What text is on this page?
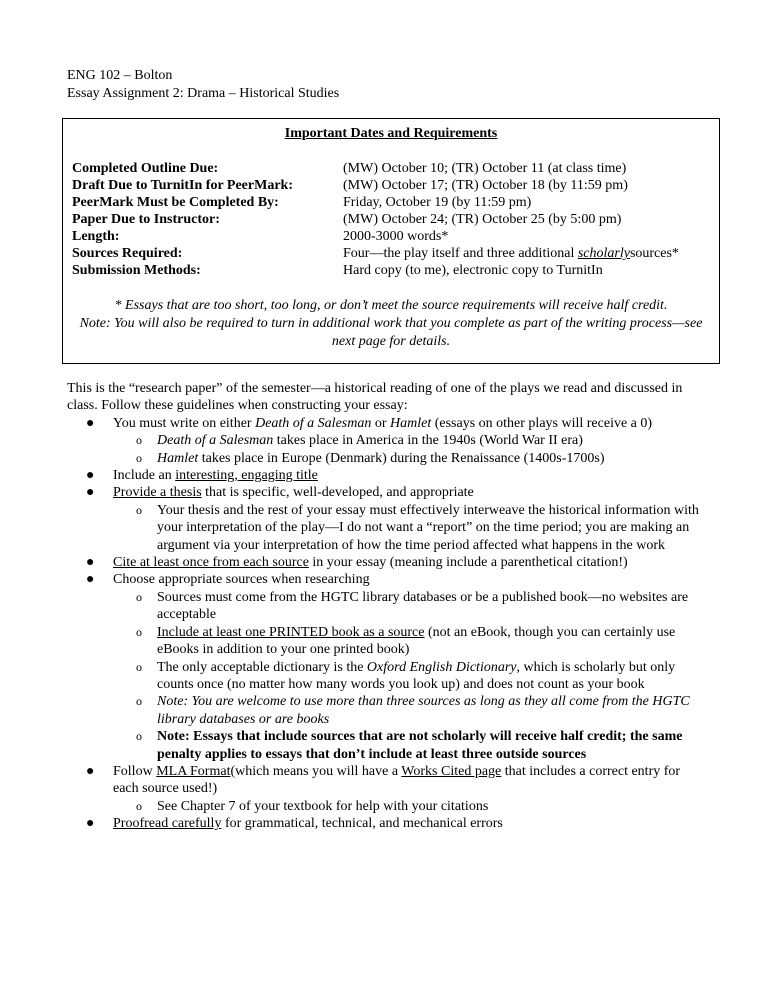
ENG 102 – Bolton
Essay Assignment 2: Drama – Historical Studies
Important Dates and Requirements
Completed Outline Due:	(MW) October 10; (TR) October 11 (at class time)
Draft Due to TurnitIn for PeerMark:	(MW) October 17; (TR) October 18 (by 11:59 pm)
PeerMark Must be Completed By:	Friday, October 19 (by 11:59 pm)
Paper Due to Instructor:	(MW) October 24; (TR) October 25 (by 5:00 pm)
Length:	2000-3000 words*
Sources Required:	Four—the play itself and three additional scholarlysources*
Submission Methods:	Hard copy (to me), electronic copy to TurnitIn
* Essays that are too short, too long, or don’t meet the source requirements will receive half credit.
Note: You will also be required to turn in additional work that you complete as part of the writing process—see next page for details.

This is the “research paper” of the semester—a historical reading of one of the plays we read and discussed in class. Follow these guidelines when constructing your essay:

● You must write on either Death of a Salesman or Hamlet (essays on other plays will receive a 0)
o Death of a Salesman takes place in America in the 1940s (World War II era)
o Hamlet takes place in Europe (Denmark) during the Renaissance (1400s-1700s)
● Include an interesting, engaging title
● Provide a thesis that is specific, well-developed, and appropriate
o Your thesis and the rest of your essay must effectively interweave the historical information with your interpretation of the play—I do not want a “report” on the time period; you are making an argument via your interpretation of how the time period affected what happens in the work
● Cite at least once from each source in your essay (meaning include a parenthetical citation!)
● Choose appropriate sources when researching
o Sources must come from the HGTC library databases or be a published book—no websites are acceptable
o Include at least one PRINTED book as a source (not an eBook, though you can certainly use eBooks in addition to your one printed book)
o The only acceptable dictionary is the Oxford English Dictionary, which is scholarly but only counts once (no matter how many words you look up) and does not count as your book
o Note: You are welcome to use more than three sources as long as they all come from the HGTC library databases or are books
o Note: Essays that include sources that are not scholarly will receive half credit; the same penalty applies to essays that don’t include at least three outside sources
● Follow MLA Format(which means you will have a Works Cited page that includes a correct entry for each source used!)
o See Chapter 7 of your textbook for help with your citations
● Proofread carefully for grammatical, technical, and mechanical errors
